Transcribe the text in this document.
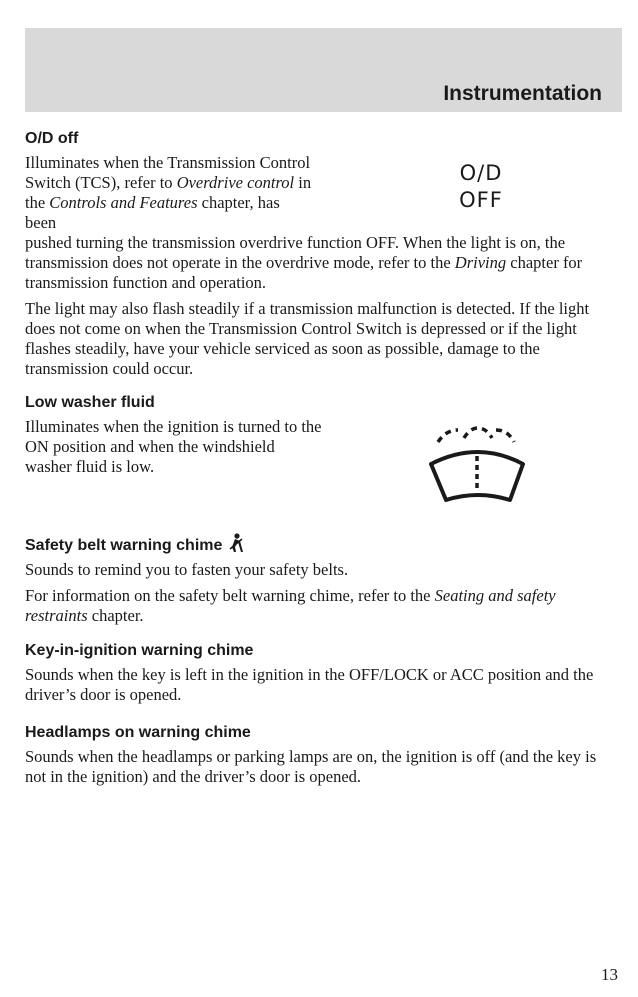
Instrumentation
O/D off

Illuminates when the Transmission Control Switch (TCS), refer to Overdrive control in the Controls and Features chapter, has been

pushed turning the transmission overdrive function OFF. When the light is on, the transmission does not operate in the overdrive mode, refer to the Driving chapter for transmission function and operation.

The light may also flash steadily if a transmission malfunction is detected. If the light does not come on when the Transmission Control Switch is depressed or if the light flashes steadily, have your vehicle serviced as soon as possible, damage to the transmission could occur.

O/D
OFF
Low washer fluid

Illuminates when the ignition is turned to the ON position and when the windshield washer fluid is low.

Safety belt warning chime

Sounds to remind you to fasten your safety belts.

For information on the safety belt warning chime, refer to the Seating and safety restraints chapter.

Key-in-ignition warning chime

Sounds when the key is left in the ignition in the OFF/LOCK or ACC position and the driver’s door is opened.

Headlamps on warning chime

Sounds when the headlamps or parking lamps are on, the ignition is off (and the key is not in the ignition) and the driver’s door is opened.

13
